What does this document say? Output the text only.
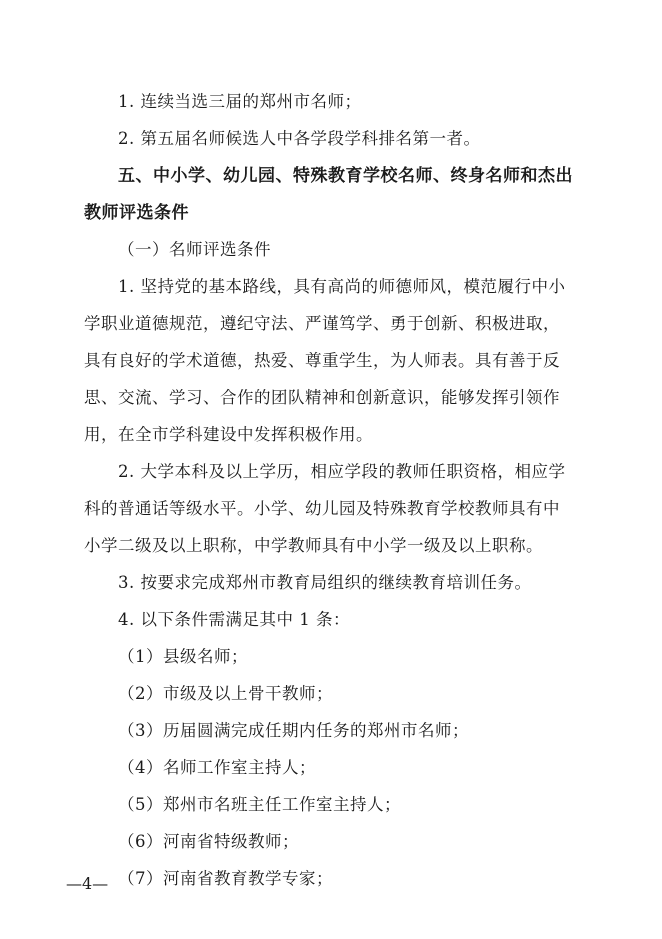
1. 连续当选三届的郑州市名师；
2. 第五届名师候选人中各学段学科排名第一者。
五、中小学、幼儿园、特殊教育学校名师、终身名师和杰出
教师评选条件
（一）名师评选条件
1. 坚持党的基本路线，具有高尚的师德师风，模范履行中小
学职业道德规范，遵纪守法、严谨笃学、勇于创新、积极进取，
具有良好的学术道德，热爱、尊重学生，为人师表。具有善于反
思、交流、学习、合作的团队精神和创新意识，能够发挥引领作
用，在全市学科建设中发挥积极作用。
2. 大学本科及以上学历，相应学段的教师任职资格，相应学
科的普通话等级水平。小学、幼儿园及特殊教育学校教师具有中
小学二级及以上职称，中学教师具有中小学一级及以上职称。
3. 按要求完成郑州市教育局组织的继续教育培训任务。
4. 以下条件需满足其中 1 条：
（1）县级名师；
（2）市级及以上骨干教师；
（3）历届圆满完成任期内任务的郑州市名师；
（4）名师工作室主持人；
（5）郑州市名班主任工作室主持人；
（6）河南省特级教师；
（7）河南省教育教学专家；
—4—
